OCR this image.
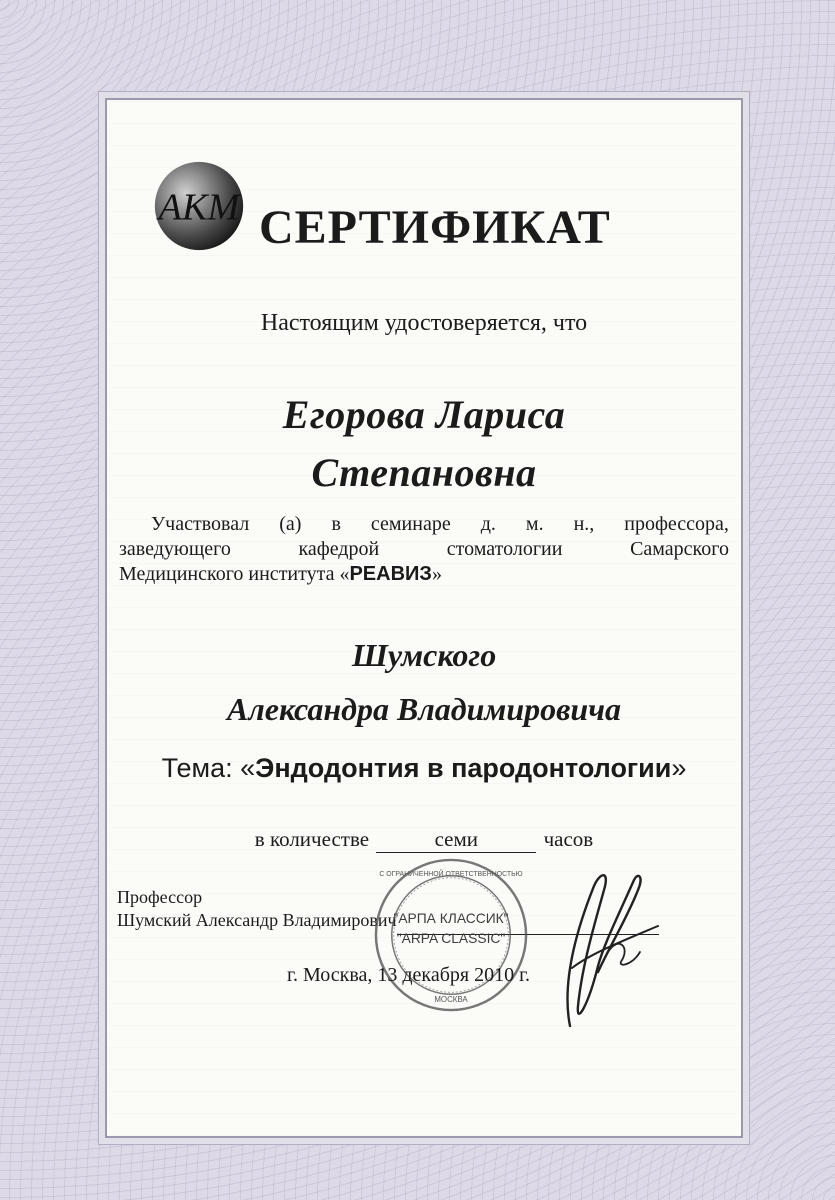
АКМ СЕРТИФИКАТ
Настоящим удостоверяется, что
Егорова Лариса
Степановна
Участвовал (а) в семинаре д. м. н., профессора,
заведующего	кафедрой	стоматологии	Самарского
Медицинского института «РЕАВИЗ»
Шумского
Александра Владимировича
Тема: «Эндодонтия в пародонтологии»
в количестве	семи	часов
Профессор
Шумский Александр Владимирович
"АРПА КЛАССИК"
"ARPA CLASSIC"
С ОГРАНИЧЕННОЙ ОТВЕТСТВЕННОСТЬЮ
МОСКВА
г. Москва, 13 декабря 2010 г.
